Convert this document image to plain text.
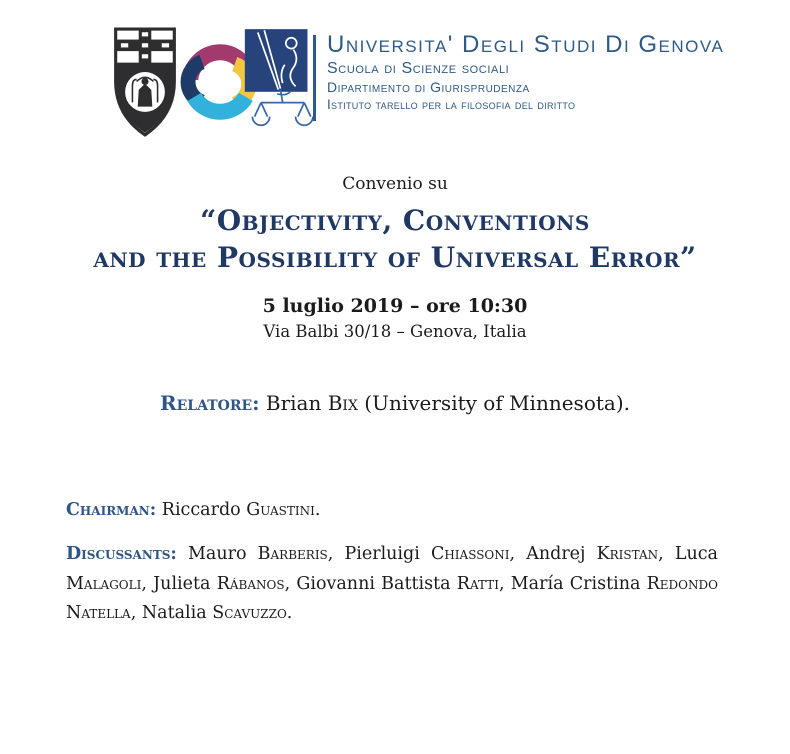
Universita' Degli Studi Di Genova
Scuola di Scienze sociali
Dipartimento di Giurisprudenza
Istituto tarello per la filosofia del diritto
Convenio su
“Objectivity, Conventions
and the Possibility of Universal Error”
5 luglio 2019 – ore 10:30
Via Balbi 30/18 – Genova, Italia
Relatore: Brian Bix (University of Minnesota).
Chairman: Riccardo Guastini.
Discussants: Mauro Barberis, Pierluigi Chiassoni, Andrej Kristan, Luca Malagoli, Julieta Rábanos, Giovanni Battista Ratti, María Cristina Redondo Natella, Natalia Scavuzzo.
